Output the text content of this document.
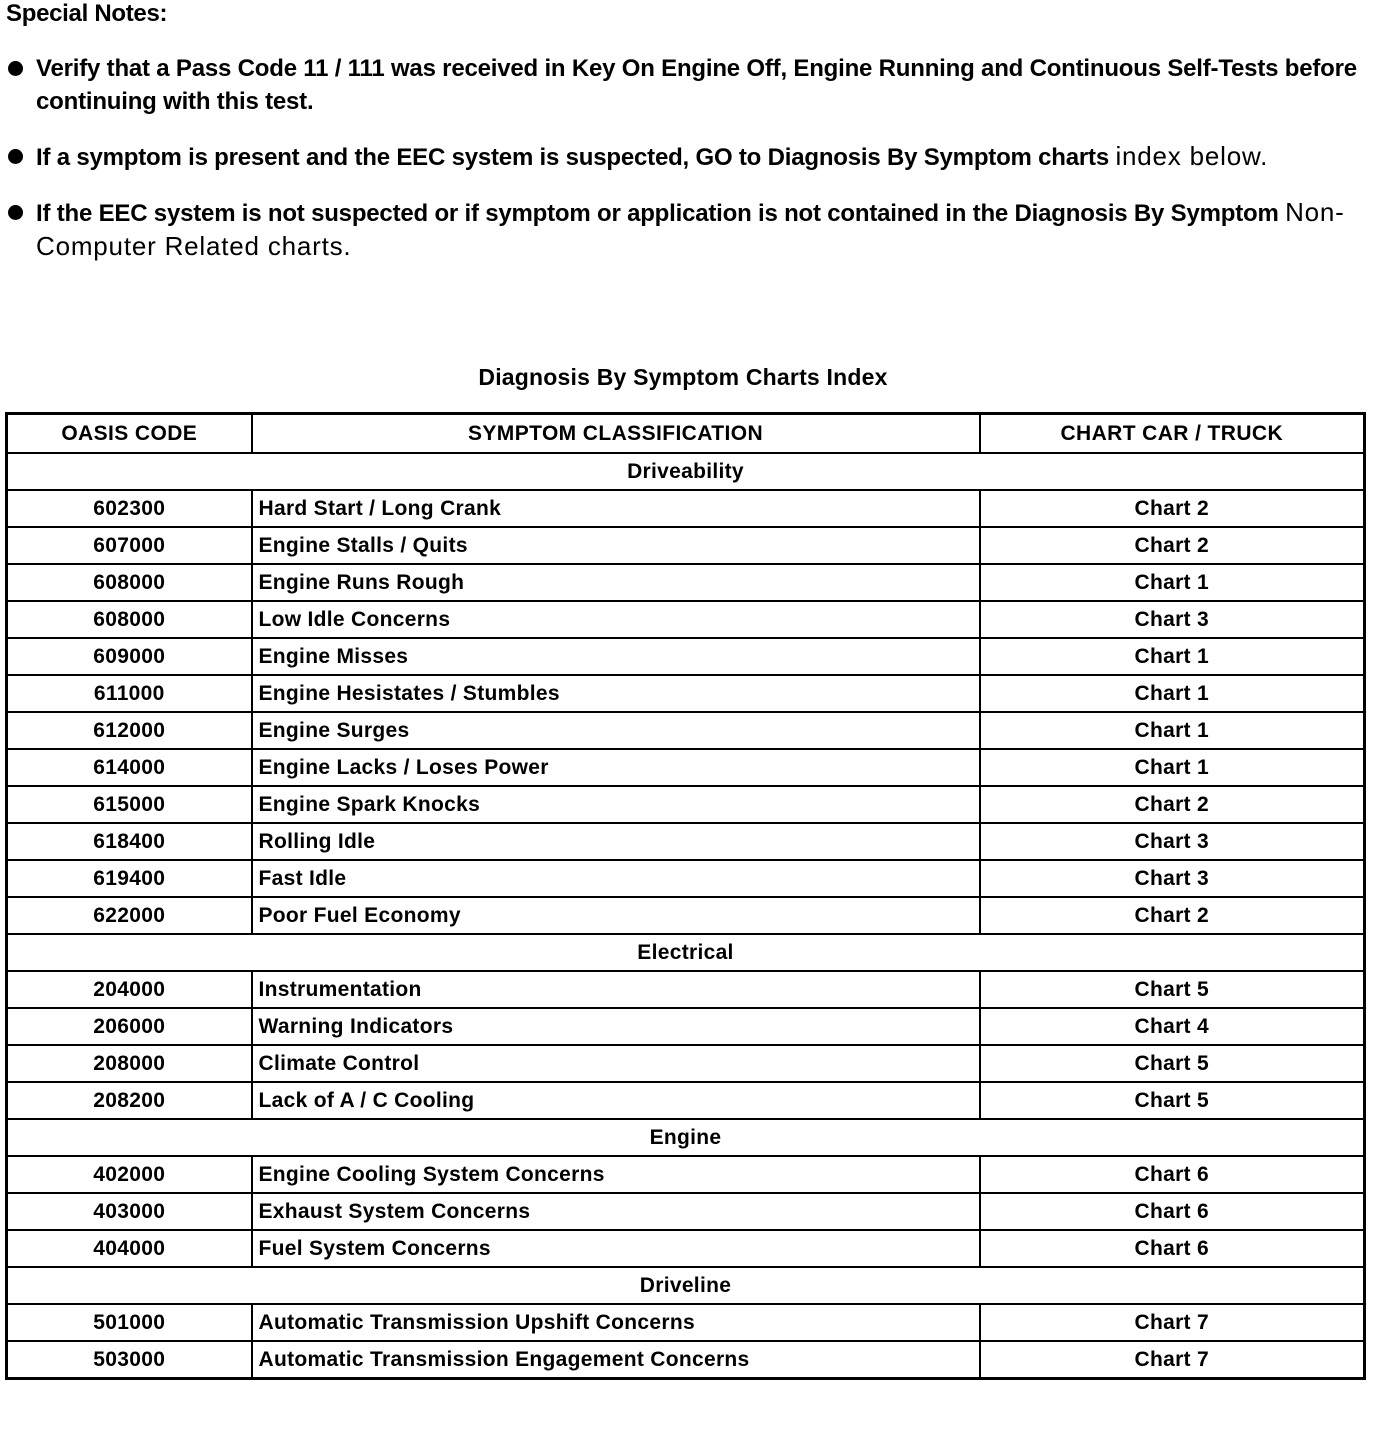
Special Notes:
Verify that a Pass Code 11 / 111 was received in Key On Engine Off, Engine Running and Continuous Self-Tests before continuing with this test.
If a symptom is present and the EEC system is suspected, GO to Diagnosis By Symptom charts index below.
If the EEC system is not suspected or if symptom or application is not contained in the Diagnosis By Symptom Non-Computer Related charts.
Diagnosis By Symptom Charts Index
OASIS CODE	SYMPTOM CLASSIFICATION	CHART CAR / TRUCK
Driveability		
602300	Hard Start / Long Crank	Chart 2
607000	Engine Stalls / Quits	Chart 2
608000	Engine Runs Rough	Chart 1
608000	Low Idle Concerns	Chart 3
609000	Engine Misses	Chart 1
611000	Engine Hesistates / Stumbles	Chart 1
612000	Engine Surges	Chart 1
614000	Engine Lacks / Loses Power	Chart 1
615000	Engine Spark Knocks	Chart 2
618400	Rolling Idle	Chart 3
619400	Fast Idle	Chart 3
622000	Poor Fuel Economy	Chart 2
Electrical		
204000	Instrumentation	Chart 5
206000	Warning Indicators	Chart 4
208000	Climate Control	Chart 5
208200	Lack of A / C Cooling	Chart 5
Engine		
402000	Engine Cooling System Concerns	Chart 6
403000	Exhaust System Concerns	Chart 6
404000	Fuel System Concerns	Chart 6
Driveline		
501000	Automatic Transmission Upshift Concerns	Chart 7
503000	Automatic Transmission Engagement Concerns	Chart 7
